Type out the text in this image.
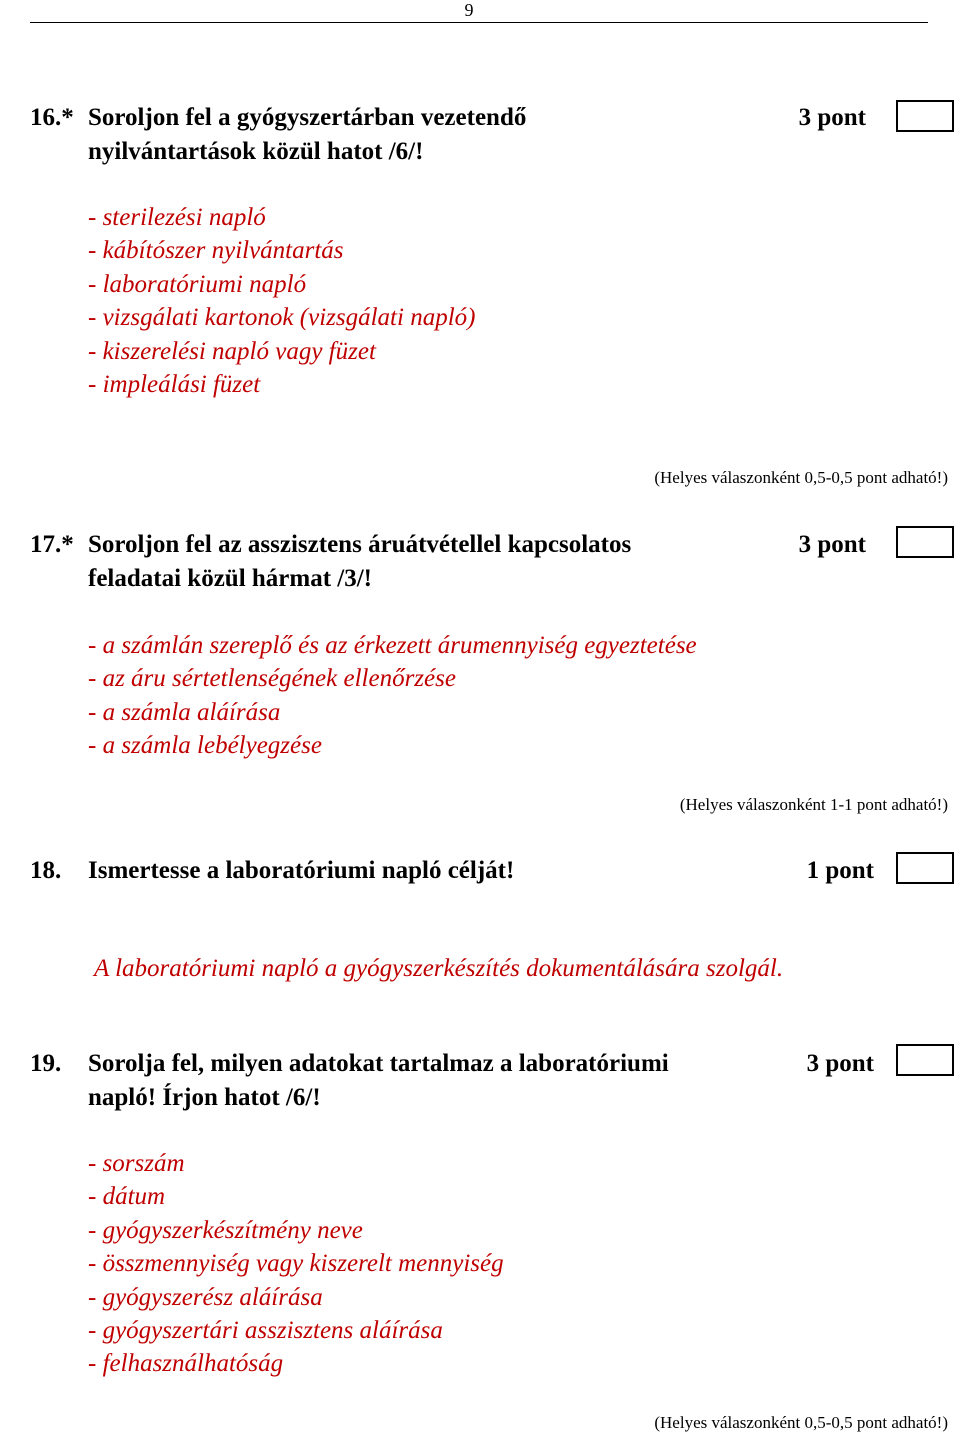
9
16.* Soroljon fel a gyógyszertárban vezetendő
nyilvántartások közül hatot /6/!
3 pont
- sterilezési napló
- kábítószer nyilvántartás
- laboratóriumi napló
- vizsgálati kartonok (vizsgálati napló)
- kiszerelési napló vagy füzet
- impleálási füzet
(Helyes válaszonként 0,5-0,5 pont adható!)
17.* Soroljon fel az asszisztens áruátvétellel kapcsolatos
feladatai közül hármat /3/!
3 pont
- a számlán szereplő és az érkezett árumennyiség egyeztetése
- az áru sértetlenségének ellenőrzése
- a számla aláírása
- a számla lebélyegzése
(Helyes válaszonként 1-1 pont adható!)
18. Ismertesse a laboratóriumi napló célját!	1 pont
A laboratóriumi napló a gyógyszerkészítés dokumentálására szolgál.
19. Sorolja fel, milyen adatokat tartalmaz a laboratóriumi
napló! Írjon hatot /6/!
3 pont
- sorszám
- dátum
- gyógyszerkészítmény neve
- összmennyiség vagy kiszerelt mennyiség
- gyógyszerész aláírása
- gyógyszertári asszisztens aláírása
- felhasználhatóság
(Helyes válaszonként 0,5-0,5 pont adható!)
